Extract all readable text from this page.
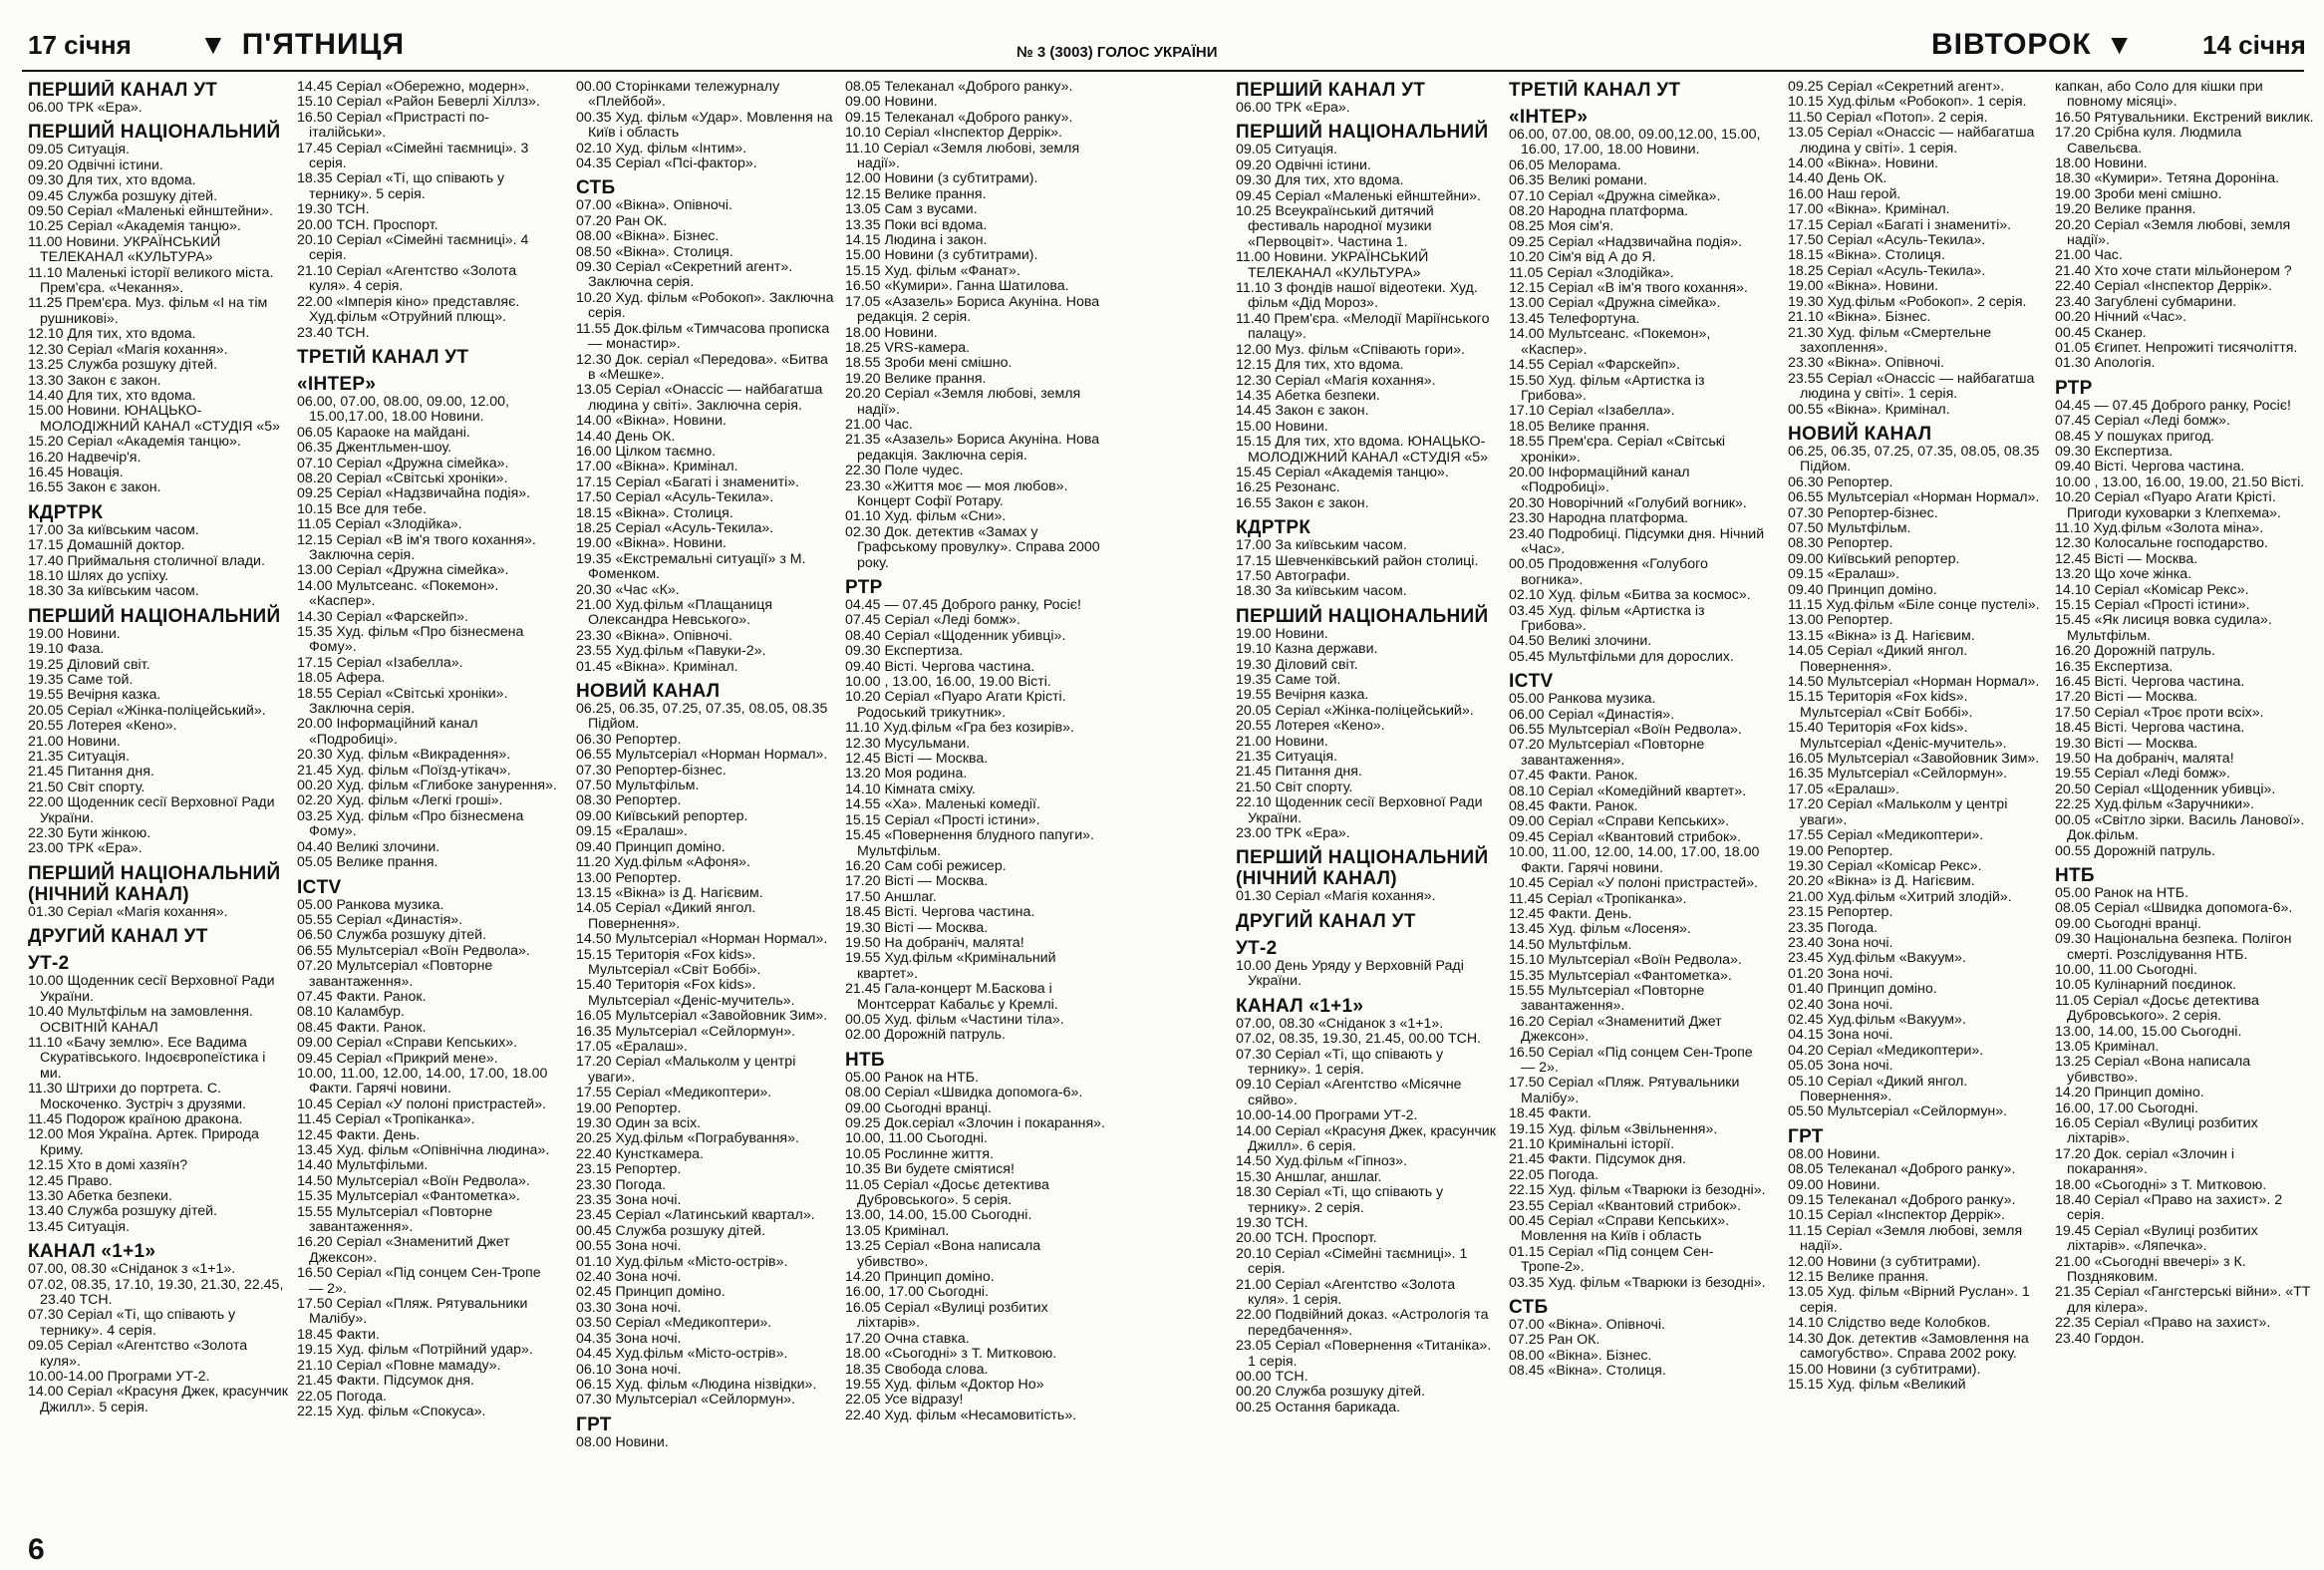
17 січня
▼	П'ЯТНИЦЯ	№ 3 (3003) ГОЛОС УКРАЇНИ	ВІВТОРОК ▼	14 січня
ПЕРШИЙ КАНАЛ УТ
06.00 ТРК «Ера».
ПЕРШИЙ НАЦІОНАЛЬНИЙ
09.05 Ситуація.
09.20 Одвічні істини.
09.30 Для тих, хто вдома.
09.45 Служба розшуку дітей.
09.50 Серіал «Маленькі ейнштейни».
10.25 Серіал «Академія танцю».
11.00 Новини. УКРАЇНСЬКИЙ ТЕЛЕКАНАЛ «КУЛЬТУРА»
11.10 Маленькі історії великого міста. Прем'єра. «Чекання».
11.25 Прем'єра. Муз. фільм «І на тім рушникові».
12.10 Для тих, хто вдома.
12.30 Серіал «Магія кохання».
13.25 Служба розшуку дітей.
13.30 Закон є закон.
14.40 Для тих, хто вдома.
15.00 Новини. ЮНАЦЬКО-МОЛОДІЖНИЙ КАНАЛ «СТУДІЯ «5»
15.20 Серіал «Академія танцю».
16.20 Надвечір'я.
16.45 Новація.
16.55 Закон є закон.
КДРТРК
17.00 За київським часом.
17.15 Домашній доктор.
17.40 Приймальня столичної влади.
18.10 Шлях до успіху.
18.30 За київським часом.
ПЕРШИЙ НАЦІОНАЛЬНИЙ
19.00 Новини.
19.10 Фаза.
19.25 Діловий світ.
19.35 Саме той.
19.55 Вечірня казка.
20.05 Серіал «Жінка-поліцейський».
20.55 Лотерея «Кено».
21.00 Новини.
21.35 Ситуація.
21.45 Питання дня.
21.50 Світ спорту.
22.00 Щоденник сесії Верховної Ради України.
22.30 Бути жінкою.
23.00 ТРК «Ера».
ПЕРШИЙ НАЦІОНАЛЬНИЙ (НІЧНИЙ КАНАЛ)
01.30 Серіал «Магія кохання».
ДРУГИЙ КАНАЛ УТ
УТ-2
10.00 Щоденник сесії Верховної Ради України.
10.40 Мультфільм на замовлення. ОСВІТНІЙ КАНАЛ
11.10 «Бачу землю». Есе Вадима Скуратівського. Індоєвропеїстика і ми.
11.30 Штрихи до портрета. С. Москоченко. Зустріч з друзями.
11.45 Подорож країною дракона.
12.00 Моя Україна. Артек. Природа Криму.
12.15 Хто в домі хазяїн?
12.45 Право.
13.30 Абетка безпеки.
13.40 Служба розшуку дітей.
13.45 Ситуація.
КАНАЛ «1+1»
07.00, 08.30 «Сніданок з «1+1».
07.02, 08.35, 17.10, 19.30, 21.30, 22.45, 23.40 ТСН.
07.30 Серіал «Ті, що співають у тернику». 4 серія.
09.05 Серіал «Агентство «Золота куля».
10.00-14.00 Програми УТ-2.
14.00 Серіал «Красуня Джек, красунчик Джилл». 5 серія.
14.45 Серіал «Обережно, модерн».
15.10 Серіал «Район Беверлі Хіллз».
16.50 Серіал «Пристрасті по-італійськи».
17.45 Серіал «Сімейні таємниці». 3 серія.
18.35 Серіал «Ті, що співають у тернику». 5 серія.
19.30 ТСН.
20.00 ТСН. Проспорт.
20.10 Серіал «Сімейні таємниці». 4 серія.
21.10 Серіал «Агентство «Золота куля». 4 серія.
22.00 «Імперія кіно» представляє. Худ.фільм «Отруйний плющ».
23.40 ТСН.
ТРЕТІЙ КАНАЛ УТ
«ІНТЕР»
06.00, 07.00, 08.00, 09.00, 12.00, 15.00,17.00, 18.00 Новини.
06.05 Караоке на майдані.
06.35 Джентльмен-шоу.
07.10 Серіал «Дружна сімейка».
08.20 Серіал «Світські хроніки».
09.25 Серіал «Надзвичайна подія».
10.15 Все для тебе.
11.05 Серіал «Злодійка».
12.15 Серіал «В ім'я твого кохання». Заключна серія.
13.00 Серіал «Дружна сімейка».
14.00 Мультсеанс. «Покемон». «Каспер».
14.30 Серіал «Фарскейп».
15.35 Худ. фільм «Про бізнесмена Фому».
17.15 Серіал «Ізабелла».
18.05 Афера.
18.55 Серіал «Світські хроніки». Заключна серія.
20.00 Інформаційний канал «Подробиці».
20.30 Худ. фільм «Викрадення».
21.45 Худ. фільм «Поїзд-утікач».
00.20 Худ. фільм «Глибоке занурення».
02.20 Худ. фільм «Легкі гроші».
03.25 Худ. фільм «Про бізнесмена Фому».
04.40 Великі злочини.
05.05 Велике прання.
ICTV
05.00 Ранкова музика.
05.55 Серіал «Династія».
06.50 Служба розшуку дітей.
06.55 Мультсеріал «Воїн Редвола».
07.20 Мультсеріал «Повторне завантаження».
07.45 Факти. Ранок.
08.10 Каламбур.
08.45 Факти. Ранок.
09.00 Серіал «Справи Кепських».
09.45 Серіал «Прикрий мене».
10.00, 11.00, 12.00, 14.00, 17.00, 18.00 Факти. Гарячі новини.
10.45 Серіал «У полоні пристрастей».
11.45 Серіал «Тропіканка».
12.45 Факти. День.
13.45 Худ. фільм «Опівнічна людина».
14.40 Мультфільми.
14.50 Мультсеріал «Воїн Редвола».
15.35 Мультсеріал «Фантометка».
15.55 Мультсеріал «Повторне завантаження».
16.20 Серіал «Знаменитий Джет Джексон».
16.50 Серіал «Під сонцем Сен-Тропе — 2».
17.50 Серіал «Пляж. Рятувальники Малібу».
18.45 Факти.
19.15 Худ. фільм «Потрійний удар».
21.10 Серіал «Повне мамаду».
21.45 Факти. Підсумок дня.
22.05 Погода.
22.15 Худ. фільм «Спокуса».
00.00 Сторінками тележурналу «Плейбой».
00.35 Худ. фільм «Удар». Мовлення на Київ і область
02.10 Худ. фільм «Інтим».
04.35 Серіал «Псі-фактор».
СТБ
07.00 «Вікна». Опівночі.
07.20 Ран ОК.
08.00 «Вікна». Бізнес.
08.50 «Вікна». Столиця.
09.30 Серіал «Секретний агент». Заключна серія.
10.20 Худ. фільм «Робокоп». Заключна серія.
11.55 Док.фільм «Тимчасова прописка — монастир».
12.30 Док. серіал «Передова». «Битва в «Мешке».
13.05 Серіал «Онассіс — найбагатша людина у світі». Заключна серія.
14.00 «Вікна». Новини.
14.40 День ОК.
16.00 Цілком таємно.
17.00 «Вікна». Кримінал.
17.15 Серіал «Багаті і знамениті».
17.50 Серіал «Асуль-Текила».
18.15 «Вікна». Столиця.
18.25 Серіал «Асуль-Текила».
19.00 «Вікна». Новини.
19.35 «Екстремальні ситуації» з М. Фоменком.
20.30 «Час «К».
21.00 Худ.фільм «Плащаниця Олександра Невського».
23.30 «Вікна». Опівночі.
23.55 Худ.фільм «Павуки-2».
01.45 «Вікна». Кримінал.
НОВИЙ КАНАЛ
06.25, 06.35, 07.25, 07.35, 08.05, 08.35 Підйом.
06.30 Репортер.
06.55 Мультсеріал «Норман Нормал».
07.30 Репортер-бізнес.
07.50 Мультфільм.
08.30 Репортер.
09.00 Київський репортер.
09.15 «Ералаш».
09.40 Принцип доміно.
11.20 Худ.фільм «Афоня».
13.00 Репортер.
13.15 «Вікна» із Д. Нагієвим.
14.05 Серіал «Дикий янгол. Повернення».
14.50 Мультсеріал «Норман Нормал».
15.15 Територія «Fox kids». Мультсеріал «Світ Боббі».
15.40 Територія «Fox kids». Мультсеріал «Деніс-мучитель».
16.05 Мультсеріал «Завойовник Зим».
16.35 Мультсеріал «Сейлормун».
17.05 «Ералаш».
17.20 Серіал «Мальколм у центрі уваги».
17.55 Серіал «Медикоптери».
19.00 Репортер.
19.30 Один за всіх.
20.25 Худ.фільм «Пограбування».
22.40 Кунсткамера.
23.15 Репортер.
23.30 Погода.
23.35 Зона ночі.
23.45 Серіал «Латинський квартал».
00.45 Служба розшуку дітей.
00.55 Зона ночі.
01.10 Худ.фільм «Місто-острів».
02.40 Зона ночі.
02.45 Принцип доміно.
03.30 Зона ночі.
03.50 Серіал «Медикоптери».
04.35 Зона ночі.
04.45 Худ.фільм «Місто-острів».
06.10 Зона ночі.
06.15 Худ. фільм «Людина нізвідки».
07.30 Мультсеріал «Сейлормун».
ГРТ
08.00 Новини.
08.05 Телеканал «Доброго ранку».
09.00 Новини.
09.15 Телеканал «Доброго ранку».
10.10 Серіал «Інспектор Деррік».
11.10 Серіал «Земля любові, земля надії».
12.00 Новини (з субтитрами).
12.15 Велике прання.
13.05 Сам з вусами.
13.35 Поки всі вдома.
14.15 Людина і закон.
15.00 Новини (з субтитрами).
15.15 Худ. фільм «Фанат».
16.50 «Кумири». Ганна Шатилова.
17.05 «Азазель» Бориса Акуніна. Нова редакція. 2 серія.
18.00 Новини.
18.25 VRS-камера.
18.55 Зроби мені смішно.
19.20 Велике прання.
20.20 Серіал «Земля любові, земля надії».
21.00 Час.
21.35 «Азазель» Бориса Акуніна. Нова редакція. Заключна серія.
22.30 Поле чудес.
23.30 «Життя моє — моя любов». Концерт Софії Ротару.
01.10 Худ. фільм «Сни».
02.30 Док. детектив «Замах у Графському провулку». Справа 2000 року.
РТР
04.45 — 07.45 Доброго ранку, Росіє!
07.45 Серіал «Леді бомж».
08.40 Серіал «Щоденник убивці».
09.30 Експертиза.
09.40 Вісті. Чергова частина.
10.00 , 13.00, 16.00, 19.00 Вісті.
10.20 Серіал «Пуаро Агати Крісті. Родоський трикутник».
11.10 Худ.фільм «Гра без козирів».
12.30 Мусульмани.
12.45 Вісті — Москва.
13.20 Моя родина.
14.10 Кімната сміху.
14.55 «Ха». Маленькі комедії.
15.15 Серіал «Прості істини».
15.45 «Повернення блудного папуги». Мультфільм.
16.20 Сам собі режисер.
17.20 Вісті — Москва.
17.50 Аншлаг.
18.45 Вісті. Чергова частина.
19.30 Вісті — Москва.
19.50 На добраніч, малята!
19.55 Худ.фільм «Кримінальний квартет».
21.45 Гала-концерт М.Баскова і Монтсеррат Кабальє у Кремлі.
00.05 Худ. фільм «Частини тіла».
02.00 Дорожній патруль.
НТБ
05.00 Ранок на НТБ.
08.00 Серіал «Швидка допомога-6».
09.00 Сьогодні вранці.
09.25 Док.серіал «Злочин і покарання».
10.00, 11.00 Сьогодні.
10.05 Рослинне життя.
10.35 Ви будете сміятися!
11.05 Серіал «Досьє детектива Дубровського». 5 серія.
13.00, 14.00, 15.00 Сьогодні.
13.05 Кримінал.
13.25 Серіал «Вона написала убивство».
14.20 Принцип доміно.
16.00, 17.00 Сьогодні.
16.05 Серіал «Вулиці розбитих ліхтарів».
17.20 Очна ставка.
18.00 «Сьогодні» з Т. Митковою.
18.35 Свобода слова.
19.55 Худ. фільм «Доктор Но»
22.05 Усе відразу!
22.40 Худ. фільм «Несамовитість».
ПЕРШИЙ КАНАЛ УТ
06.00 ТРК «Ера».
ПЕРШИЙ НАЦІОНАЛЬНИЙ
09.05 Ситуація.
09.20 Одвічні істини.
09.30 Для тих, хто вдома.
09.45 Серіал «Маленькі ейнштейни».
10.25 Всеукраїнський дитячий фестиваль народної музики «Первоцвіт». Частина 1.
11.00 Новини. УКРАЇНСЬКИЙ ТЕЛЕКАНАЛ «КУЛЬТУРА»
11.10 З фондів нашої відеотеки. Худ. фільм «Дід Мороз».
11.40 Прем'єра. «Мелодії Маріїнського палацу».
12.00 Муз. фільм «Співають гори».
12.15 Для тих, хто вдома.
12.30 Серіал «Магія кохання».
14.35 Абетка безпеки.
14.45 Закон є закон.
15.00 Новини.
15.15 Для тих, хто вдома. ЮНАЦЬКО-МОЛОДІЖНИЙ КАНАЛ «СТУДІЯ «5»
15.45 Серіал «Академія танцю».
16.25 Резонанс.
16.55 Закон є закон.
КДРТРК
17.00 За київським часом.
17.15 Шевченківський район столиці.
17.50 Автографи.
18.30 За київським часом.
ПЕРШИЙ НАЦІОНАЛЬНИЙ
19.00 Новини.
19.10 Казна держави.
19.30 Діловий світ.
19.35 Саме той.
19.55 Вечірня казка.
20.05 Серіал «Жінка-поліцейський».
20.55 Лотерея «Кено».
21.00 Новини.
21.35 Ситуація.
21.45 Питання дня.
21.50 Світ спорту.
22.10 Щоденник сесії Верховної Ради України.
23.00 ТРК «Ера».
ПЕРШИЙ НАЦІОНАЛЬНИЙ (НІЧНИЙ КАНАЛ)
01.30 Серіал «Магія кохання».
ДРУГИЙ КАНАЛ УТ
УТ-2
10.00 День Уряду у Верховній Раді України.
КАНАЛ «1+1»
07.00, 08.30 «Сніданок з «1+1».
07.02, 08.35, 19.30, 21.45, 00.00 ТСН.
07.30 Серіал «Ті, що співають у тернику». 1 серія.
09.10 Серіал «Агентство «Місячне сяйво».
10.00-14.00 Програми УТ-2.
14.00 Серіал «Красуня Джек, красунчик Джилл». 6 серія.
14.50 Худ.фільм «Гіпноз».
15.30 Аншлаг, аншлаг.
18.30 Серіал «Ті, що співають у тернику». 2 серія.
19.30 ТСН.
20.00 ТСН. Проспорт.
20.10 Серіал «Сімейні таємниці». 1 серія.
21.00 Серіал «Агентство «Золота куля». 1 серія.
22.00 Подвійний доказ. «Астрологія та передбачення».
23.05 Серіал «Повернення «Титаніка». 1 серія.
00.00 ТСН.
00.20 Служба розшуку дітей.
00.25 Остання барикада.
ТРЕТІЙ КАНАЛ УТ
«ІНТЕР»
06.00, 07.00, 08.00, 09.00,12.00, 15.00, 16.00, 17.00, 18.00 Новини.
06.05 Мелорама.
06.35 Великі романи.
07.10 Серіал «Дружна сімейка».
08.20 Народна платформа.
08.25 Моя сім'я.
09.25 Серіал «Надзвичайна подія».
10.20 Сім'я від А до Я.
11.05 Серіал «Злодійка».
12.15 Серіал «В ім'я твого кохання».
13.00 Серіал «Дружна сімейка».
13.45 Телефортуна.
14.00 Мультсеанс. «Покемон», «Каспер».
14.55 Серіал «Фарскейп».
15.50 Худ. фільм «Артистка із Грибова».
17.10 Серіал «Ізабелла».
18.05 Велике прання.
18.55 Прем'єра. Серіал «Світські хроніки».
20.00 Інформаційний канал «Подробиці».
20.30 Новорічний «Голубий вогник».
23.30 Народна платформа.
23.40 Подробиці. Підсумки дня. Нічний «Час».
00.05 Продовження «Голубого вогника».
02.10 Худ. фільм «Битва за космос».
03.45 Худ. фільм «Артистка із Грибова».
04.50 Великі злочини.
05.45 Мультфільми для дорослих.
ICTV
05.00 Ранкова музика.
06.00 Серіал «Династія».
06.55 Мультсеріал «Воїн Редвола».
07.20 Мультсеріал «Повторне завантаження».
07.45 Факти. Ранок.
08.10 Серіал «Комедійний квартет».
08.45 Факти. Ранок.
09.00 Серіал «Справи Кепських».
09.45 Серіал «Квантовий стрибок».
10.00, 11.00, 12.00, 14.00, 17.00, 18.00 Факти. Гарячі новини.
10.45 Серіал «У полоні пристрастей».
11.45 Серіал «Тропіканка».
12.45 Факти. День.
13.45 Худ. фільм «Лосеня».
14.50 Мультфільм.
15.10 Мультсеріал «Воїн Редвола».
15.35 Мультсеріал «Фантометка».
15.55 Мультсеріал «Повторне завантаження».
16.20 Серіал «Знаменитий Джет Джексон».
16.50 Серіал «Під сонцем Сен-Тропе — 2».
17.50 Серіал «Пляж. Рятувальники Малібу».
18.45 Факти.
19.15 Худ. фільм «Звільнення».
21.10 Кримінальні історії.
21.45 Факти. Підсумок дня.
22.05 Погода.
22.15 Худ. фільм «Тварюки із безодні».
23.55 Серіал «Квантовий стрибок».
00.45 Серіал «Справи Кепських». Мовлення на Київ і область
01.15 Серіал «Під сонцем Сен-Тропе-2».
03.35 Худ. фільм «Тварюки із безодні».
СТБ
07.00 «Вікна». Опівночі.
07.25 Ран ОК.
08.00 «Вікна». Бізнес.
08.45 «Вікна». Столиця.
09.25 Серіал «Секретний агент».
10.15 Худ.фільм «Робокоп». 1 серія.
11.50 Серіал «Потоп». 2 серія.
13.05 Серіал «Онассіс — найбагатша людина у світі». 1 серія.
14.00 «Вікна». Новини.
14.40 День ОК.
16.00 Наш герой.
17.00 «Вікна». Кримінал.
17.15 Серіал «Багаті і знамениті».
17.50 Серіал «Асуль-Текила».
18.15 «Вікна». Столиця.
18.25 Серіал «Асуль-Текила».
19.00 «Вікна». Новини.
19.30 Худ.фільм «Робокоп». 2 серія.
21.10 «Вікна». Бізнес.
21.30 Худ. фільм «Смертельне захоплення».
23.30 «Вікна». Опівночі.
23.55 Серіал «Онассіс — найбагатша людина у світі». 1 серія.
00.55 «Вікна». Кримінал.
НОВИЙ КАНАЛ
06.25, 06.35, 07.25, 07.35, 08.05, 08.35 Підйом.
06.30 Репортер.
06.55 Мультсеріал «Норман Нормал».
07.30 Репортер-бізнес.
07.50 Мультфільм.
08.30 Репортер.
09.00 Київський репортер.
09.15 «Ералаш».
09.40 Принцип доміно.
11.15 Худ.фільм «Біле сонце пустелі».
13.00 Репортер.
13.15 «Вікна» із Д. Нагієвим.
14.05 Серіал «Дикий янгол. Повернення».
14.50 Мультсеріал «Норман Нормал».
15.15 Територія «Fox kids». Мультсеріал «Світ Боббі».
15.40 Територія «Fox kids». Мультсеріал «Деніс-мучитель».
16.05 Мультсеріал «Завойовник Зим».
16.35 Мультсеріал «Сейлормун».
17.05 «Ералаш».
17.20 Серіал «Мальколм у центрі уваги».
17.55 Серіал «Медикоптери».
19.00 Репортер.
19.30 Серіал «Комісар Рекс».
20.20 «Вікна» із Д. Нагієвим.
21.00 Худ.фільм «Хитрий злодій».
23.15 Репортер.
23.35 Погода.
23.40 Зона ночі.
23.45 Худ.фільм «Вакуум».
01.20 Зона ночі.
01.40 Принцип доміно.
02.40 Зона ночі.
02.45 Худ.фільм «Вакуум».
04.15 Зона ночі.
04.20 Серіал «Медикоптери».
05.05 Зона ночі.
05.10 Серіал «Дикий янгол. Повернення».
05.50 Мультсеріал «Сейлормун».
ГРТ
08.00 Новини.
08.05 Телеканал «Доброго ранку».
09.00 Новини.
09.15 Телеканал «Доброго ранку».
10.15 Серіал «Інспектор Деррік».
11.15 Серіал «Земля любові, земля надії».
12.00 Новини (з субтитрами).
12.15 Велике прання.
13.05 Худ. фільм «Вірний Руслан». 1 серія.
14.10 Слідство веде Колобков.
14.30 Док. детектив «Замовлення на самогубство». Справа 2002 року.
15.00 Новини (з субтитрами).
15.15 Худ. фільм «Великий
капкан, або Соло для кішки при повному місяці».
16.50 Рятувальники. Екстрений виклик.
17.20 Срібна куля. Людмила Савельєва.
18.00 Новини.
18.30 «Кумири». Тетяна Дороніна.
19.00 Зроби мені смішно.
19.20 Велике прання.
20.20 Серіал «Земля любові, земля надії».
21.00 Час.
21.40 Хто хоче стати мільйонером ?
22.40 Серіал «Інспектор Деррік».
23.40 Загублені субмарини.
00.20 Нічний «Час».
00.45 Сканер.
01.05 Єгипет. Непрожиті тисячоліття.
01.30 Апологія.
РТР
04.45 — 07.45 Доброго ранку, Росіє!
07.45 Серіал «Леді бомж».
08.45 У пошуках пригод.
09.30 Експертиза.
09.40 Вісті. Чергова частина.
10.00 , 13.00, 16.00, 19.00, 21.50 Вісті.
10.20 Серіал «Пуаро Агати Крісті. Пригоди куховарки з Клепхема».
11.10 Худ.фільм «Золота міна».
12.30 Колосальне господарство.
12.45 Вісті — Москва.
13.20 Що хоче жінка.
14.10 Серіал «Комісар Рекс».
15.15 Серіал «Прості істини».
15.45 «Як лисиця вовка судила». Мультфільм.
16.20 Дорожній патруль.
16.35 Експертиза.
16.45 Вісті. Чергова частина.
17.20 Вісті — Москва.
17.50 Серіал «Троє проти всіх».
18.45 Вісті. Чергова частина.
19.30 Вісті — Москва.
19.50 На добраніч, малята!
19.55 Серіал «Леді бомж».
20.50 Серіал «Щоденник убивці».
22.25 Худ.фільм «Заручники».
00.05 «Світло зірки. Василь Ланової». Док.фільм.
00.55 Дорожній патруль.
НТБ
05.00 Ранок на НТБ.
08.05 Серіал «Швидка допомога-6».
09.00 Сьогодні вранці.
09.30 Національна безпека. Полігон смерті. Розслідування НТБ.
10.00, 11.00 Сьогодні.
10.05 Кулінарний поєдинок.
11.05 Серіал «Досьє детектива Дубровського». 2 серія.
13.00, 14.00, 15.00 Сьогодні.
13.05 Кримінал.
13.25 Серіал «Вона написала убивство».
14.20 Принцип доміно.
16.00, 17.00 Сьогодні.
16.05 Серіал «Вулиці розбитих ліхтарів».
17.20 Док. серіал «Злочин і покарання».
18.00 «Сьогодні» з Т. Митковою.
18.40 Серіал «Право на захист». 2 серія.
19.45 Серіал «Вулиці розбитих ліхтарів». «Ляпечка».
21.00 «Сьогодні ввечері» з К. Поздняковим.
21.35 Серіал «Гангстерські війни». «ТТ для кілера».
22.35 Серіал «Право на захист».
23.40 Гордон.
6
